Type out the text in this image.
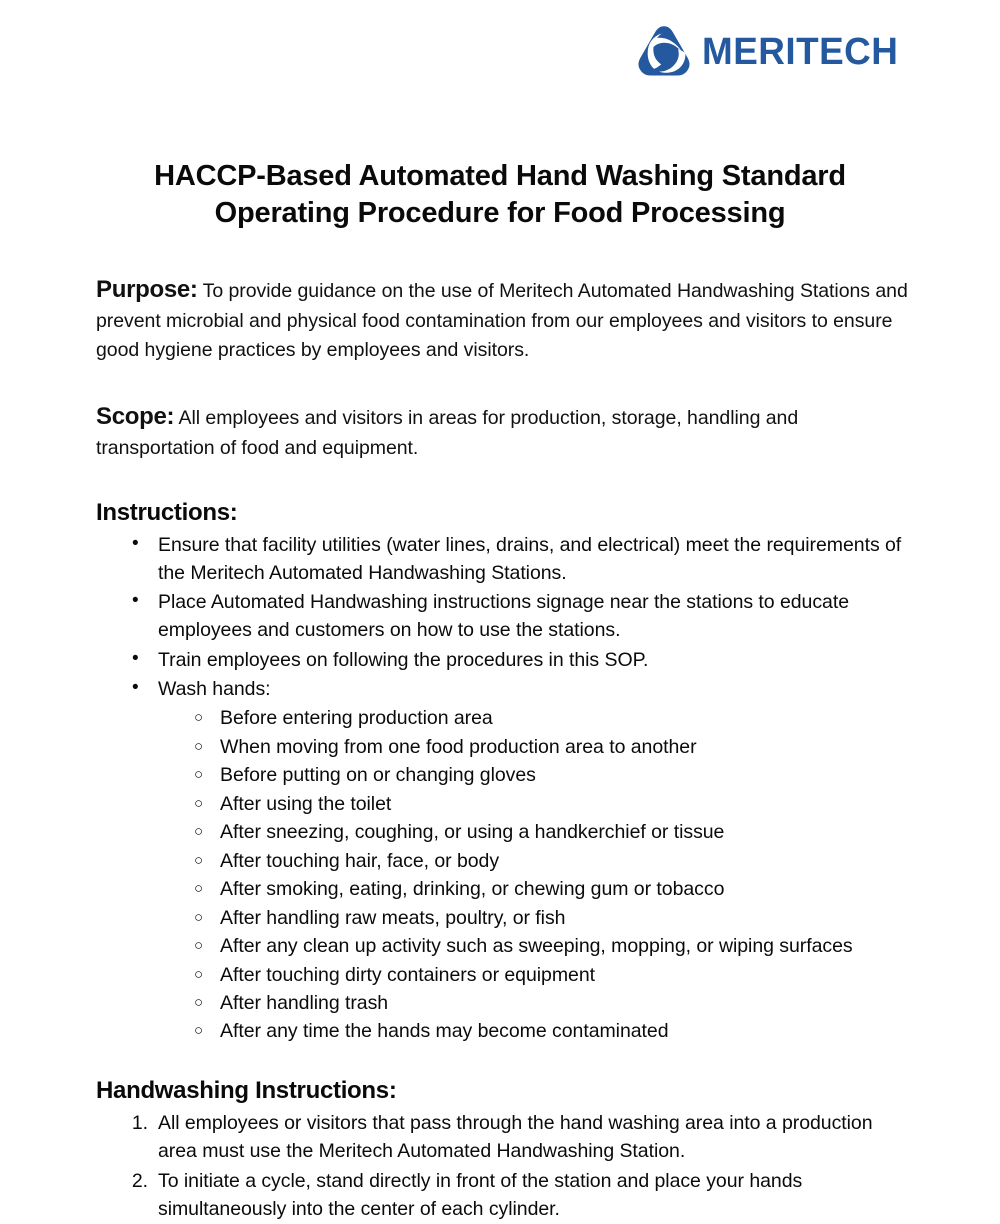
MERITECH
HACCP-Based Automated Hand Washing Standard
Operating Procedure for Food Processing

Purpose: To provide guidance on the use of Meritech Automated Handwashing Stations and prevent microbial and physical food contamination from our employees and visitors to ensure good hygiene practices by employees and visitors.

Scope: All employees and visitors in areas for production, storage, handling and transportation of food and equipment.

Instructions:
• Ensure that facility utilities (water lines, drains, and electrical) meet the requirements of the Meritech Automated Handwashing Stations.
• Place Automated Handwashing instructions signage near the stations to educate employees and customers on how to use the stations.
• Train employees on following the procedures in this SOP.
• Wash hands:
○ Before entering production area
○ When moving from one food production area to another
○ Before putting on or changing gloves
○ After using the toilet
○ After sneezing, coughing, or using a handkerchief or tissue
○ After touching hair, face, or body
○ After smoking, eating, drinking, or chewing gum or tobacco
○ After handling raw meats, poultry, or fish
○ After any clean up activity such as sweeping, mopping, or wiping surfaces
○ After touching dirty containers or equipment
○ After handling trash
○ After any time the hands may become contaminated
Handwashing Instructions:
1. All employees or visitors that pass through the hand washing area into a production area must use the Meritech Automated Handwashing Station.
2. To initiate a cycle, stand directly in front of the station and place your hands simultaneously into the center of each cylinder.
